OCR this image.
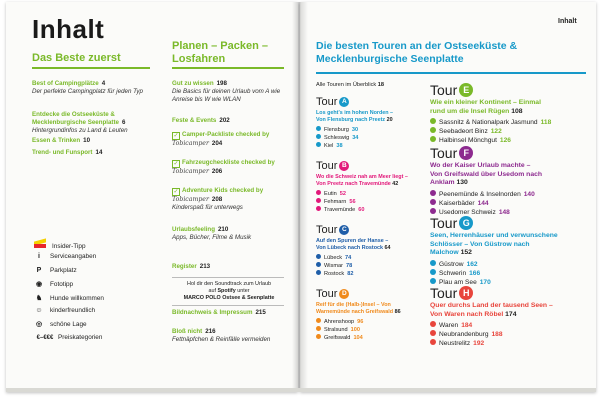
Inhalt
Das Beste zuerst
Best of Campingplätze 4
Der perfekte Campingplatz für jeden Typ
Entdecke die Ostseeküste & Mecklenburgische Seenplatte 6
Hintergrundinfos zu Land & Leuten
Essen & Trinken 10
Trend- und Funsport 14
Planen – Packen – Losfahren
Gut zu wissen 198
Die Basics für deinen Urlaub vom A wie Anreise bis W wie WLAN
Feste & Events 202
✓ Camper-Packliste checked by Tobicamper 204
✓ Fahrzeugcheckliste checked by Tobicamper 206
✓ Adventure Kids checked by Tobicamper 208
Kinderspaß für unterwegs
Urlaubsfeeling 210
Apps, Bücher, Filme & Musik
Register 213
Bildnachweis & Impressum 215
Bloß nicht 216
Fettnäpfchen & Reinfälle vermeiden
Hol dir den Soundtrack zum Urlaub
auf Spotify unter
MARCO POLO Ostsee & Seenplatte
Insider-Tipp
i Serviceangaben
P Parkplatz
◉ Fototipp
♞ Hunde willkommen
☺ kinderfreundlich
◎ schöne Lage
€–€€€ Preiskategorien
Inhalt
Die besten Touren an der Ostseeküste & Mecklenburgische Seenplatte
Alle Touren im Überblick 18
Tour A
Los geht's im hohen Norden –
Von Flensburg nach Preetz 20
Flensburg 30
Schleswig 34
Kiel 38
Tour B
Wo die Schweiz nah am Meer liegt –
Von Preetz nach Travemünde 42
Eutin 52
Fehmarn 56
Travemünde 60
Tour C
Auf den Spuren der Hanse –
Von Lübeck nach Rostock 64
Lübeck 74
Wismar 78
Rostock 82
Tour D
Reif für die (Halb-)Insel – Von
Warnemünde nach Greifswald 86
Ahrenshoop 96
Stralsund 100
Greifswald 104
Tour E
Wie ein kleiner Kontinent – Einmal
rund um die Insel Rügen 108
Sassnitz & Nationalpark Jasmund 118
Seebadeort Binz 122
Halbinsel Mönchgut 126
Tour F
Wo der Kaiser Urlaub machte –
Von Greifswald über Usedom nach
Anklam 130
Peenemünde & Inselnorden 140
Kaiserbäder 144
Usedomer Schweiz 148
Tour G
Seen, Herrenhäuser und verwunschene
Schlösser – Von Güstrow nach
Malchow 152
Güstrow 162
Schwerin 166
Plau am See 170
Tour H
Quer durchs Land der tausend Seen –
Von Waren nach Röbel 174
Waren 184
Neubrandenburg 188
Neustrelitz 192
